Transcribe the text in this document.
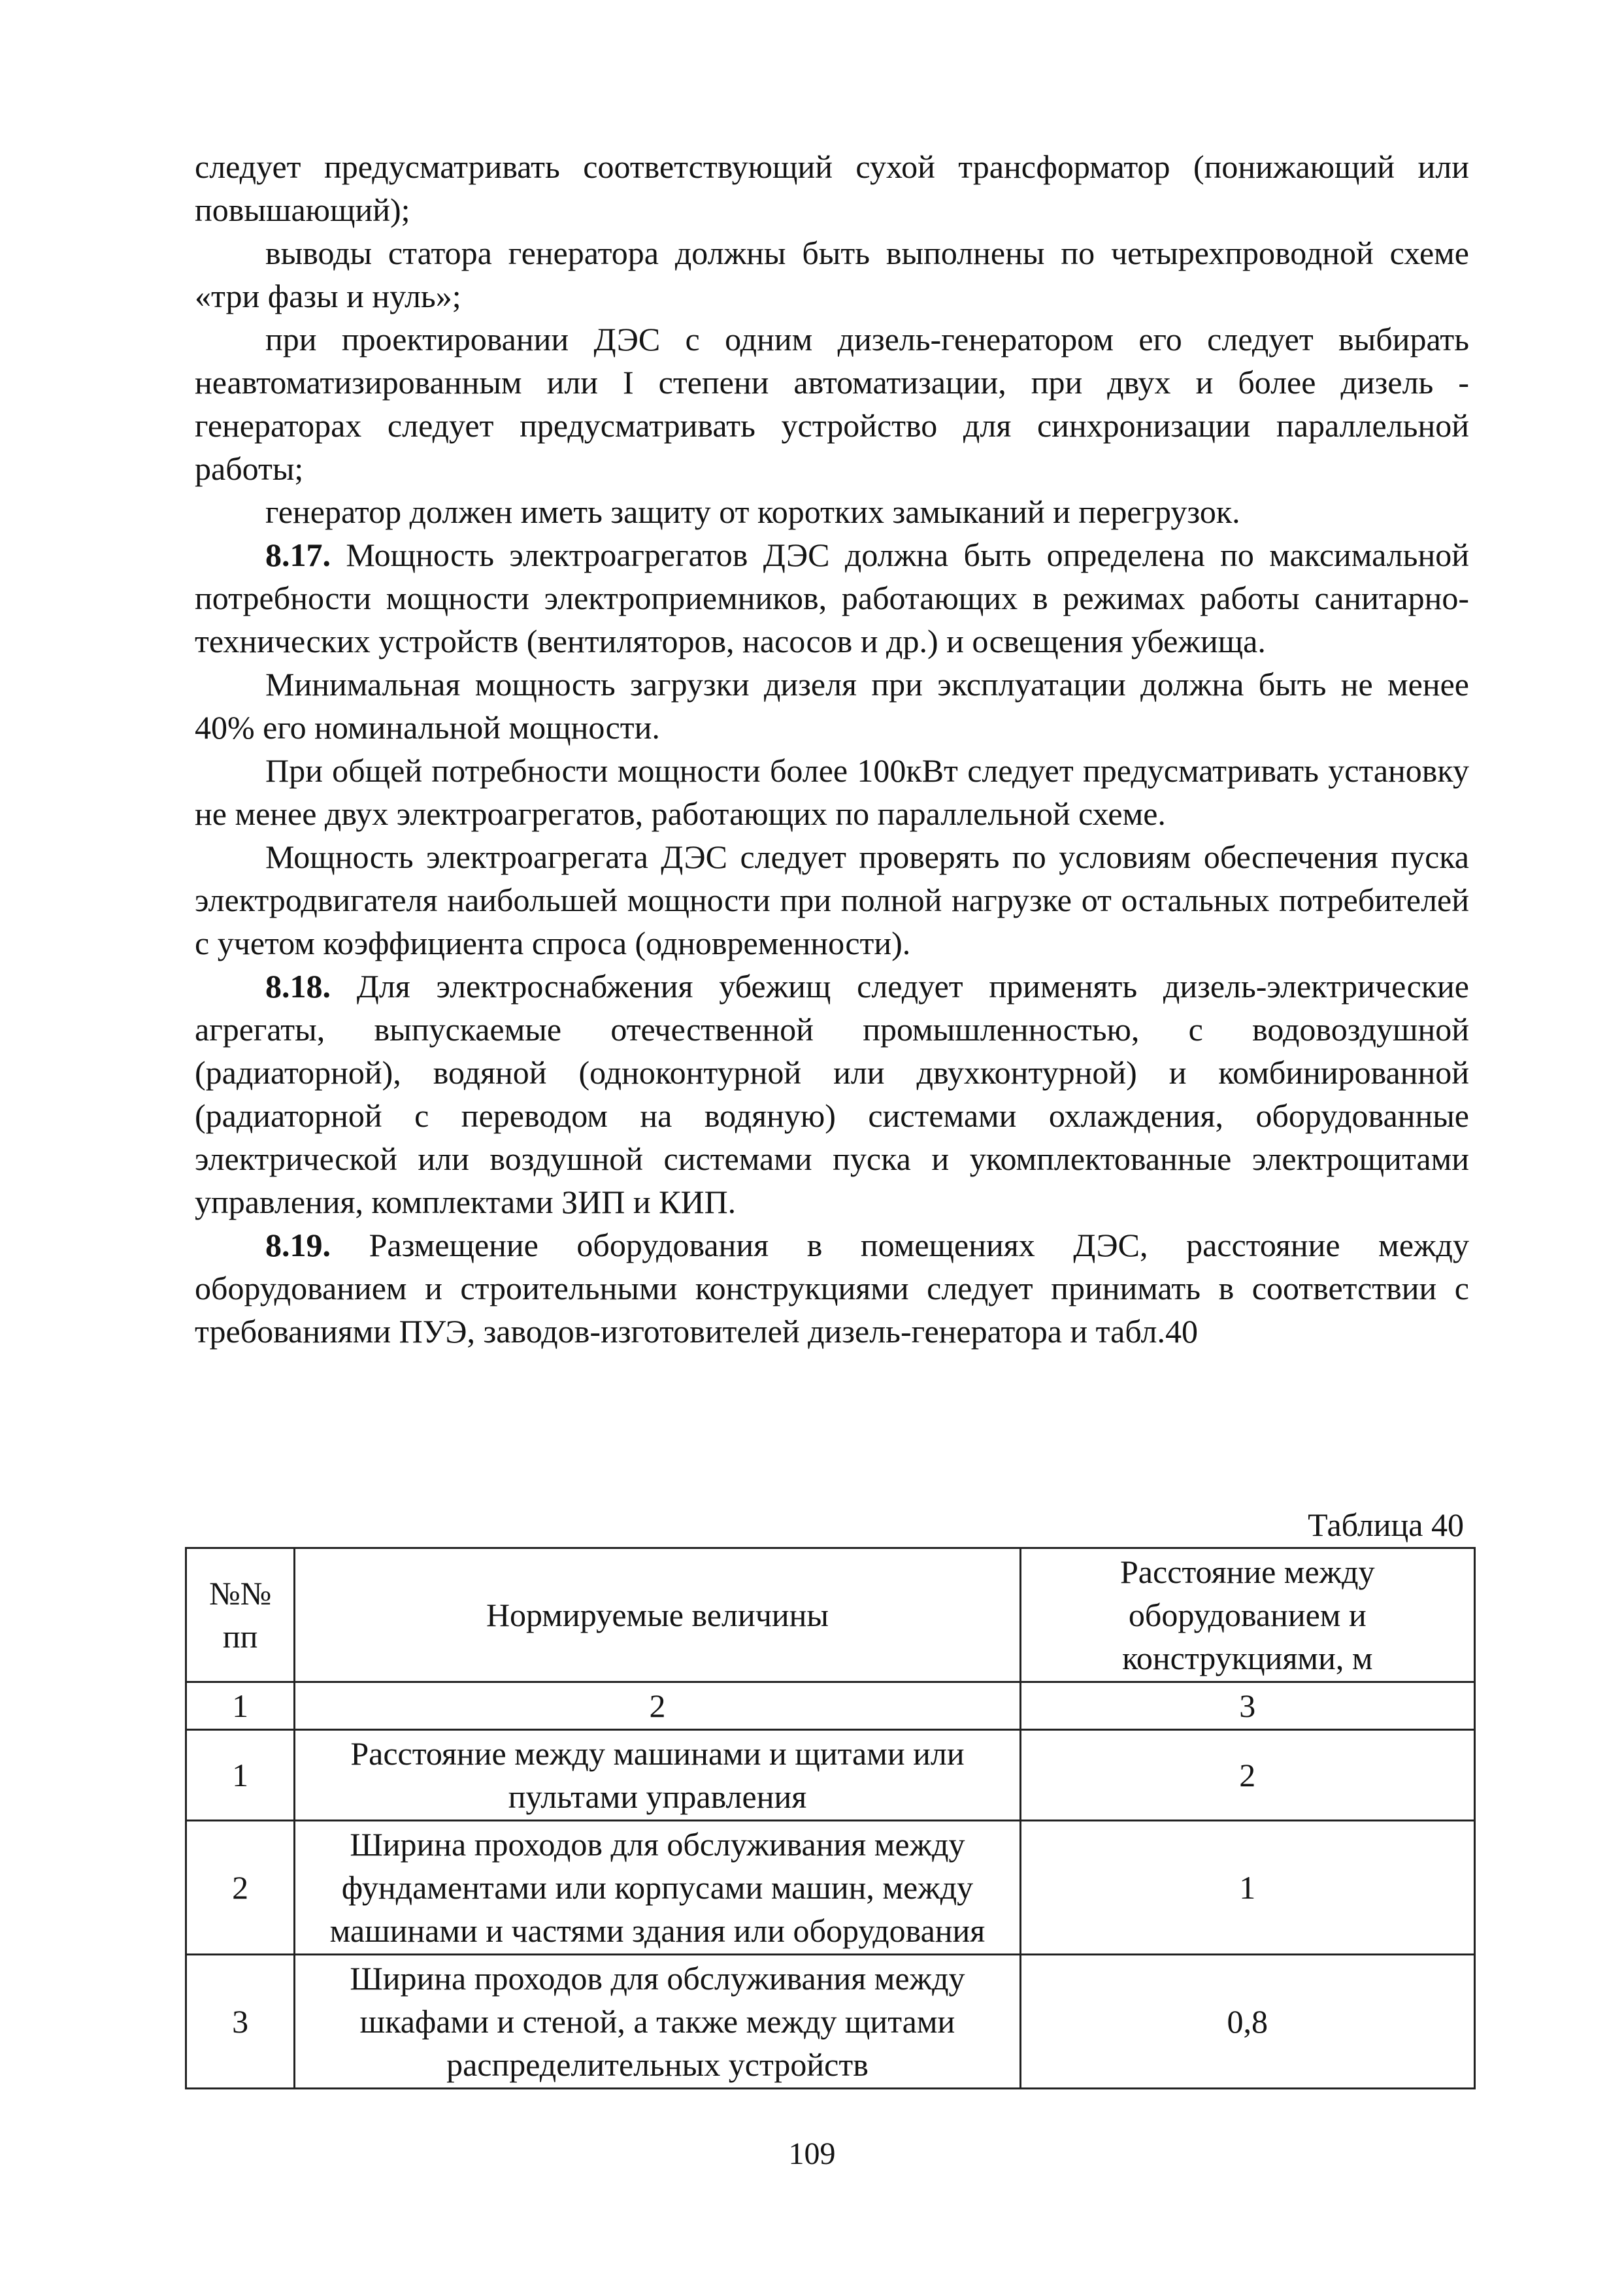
следует предусматривать соответствующий сухой трансформатор (понижающий или повышающий);

выводы статора генератора должны быть выполнены по четырехпроводной схеме «три фазы и нуль»;

при проектировании ДЭС с одним дизель-генератором его следует выбирать неавтоматизированным или I степени автоматизации, при двух и более дизель - генераторах следует предусматривать устройство для синхронизации параллельной работы;

генератор должен иметь защиту от коротких замыканий и перегрузок.

8.17. Мощность электроагрегатов ДЭС должна быть определена по максимальной потребности мощности электроприемников, работающих в режимах работы санитарно-технических устройств (вентиляторов, насосов и др.) и освещения убежища.

Минимальная мощность загрузки дизеля при эксплуатации должна быть не менее 40% его номинальной мощности.

При общей потребности мощности более 100кВт следует предусматривать установку не менее двух электроагрегатов, работающих по параллельной схеме.

Мощность электроагрегата ДЭС следует проверять по условиям обеспечения пуска электродвигателя наибольшей мощности при полной нагрузке от остальных потребителей с учетом коэффициента спроса (одновременности).

8.18. Для электроснабжения убежищ следует применять дизель-электрические агрегаты, выпускаемые отечественной промышленностью, с водовоздушной (радиаторной), водяной (одноконтурной или двухконтурной) и комбинированной (радиаторной с переводом на водяную) системами охлаждения, оборудованные электрической или воздушной системами пуска и укомплектованные электрощитами управления, комплектами ЗИП и КИП.

8.19. Размещение оборудования в помещениях ДЭС, расстояние между оборудованием и строительными конструкциями следует принимать в соответствии с требованиями ПУЭ, заводов-изготовителей дизель-генератора и табл.40

Таблица 40
№№ пп	Нормируемые величины	Расстояние между оборудованием и конструкциями, м
1	2	3
1	Расстояние между машинами и щитами или пультами управления	2
2	Ширина проходов для обслуживания между фундаментами или корпусами машин, между машинами и частями здания или оборудования	1
3	Ширина проходов для обслуживания между шкафами и стеной, а также между щитами распределительных устройств	0,8
109
